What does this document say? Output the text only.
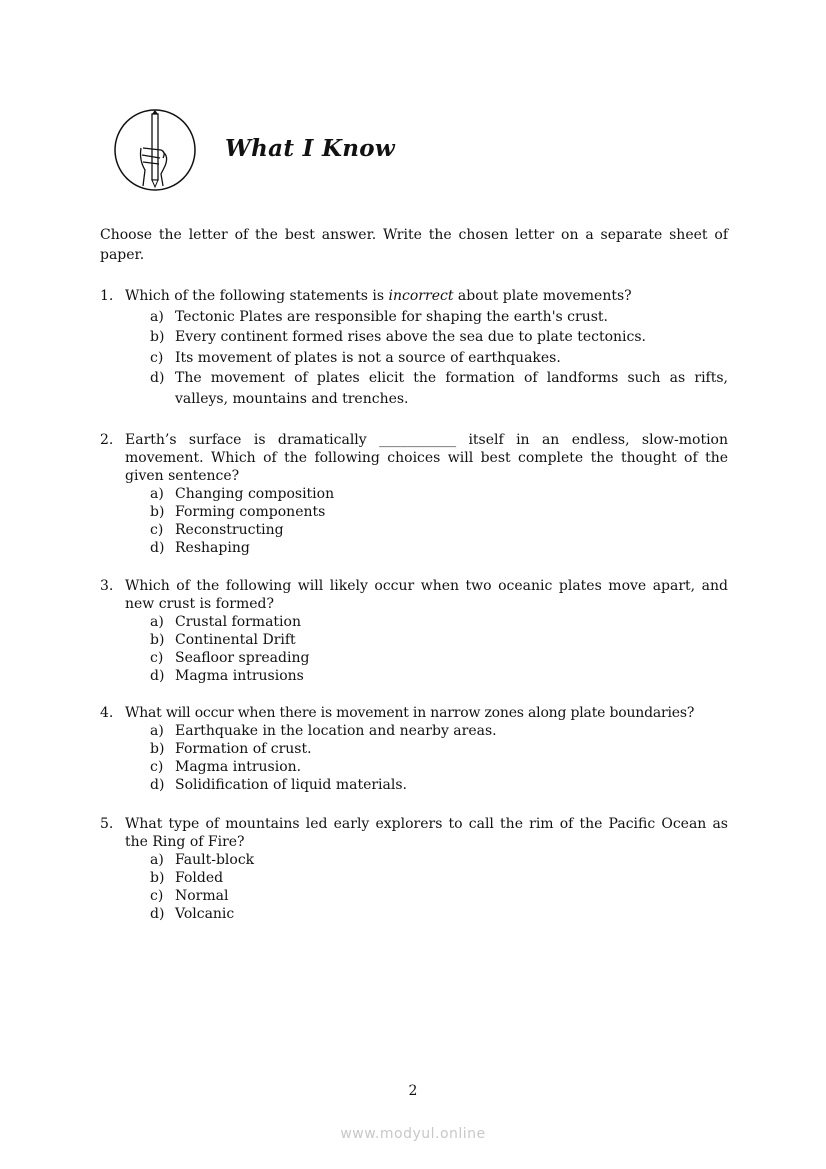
What I Know
Choose the letter of the best answer. Write the chosen letter on a separate sheet of paper.
1. Which of the following statements is incorrect about plate movements?
a) Tectonic Plates are responsible for shaping the earth's crust.
b) Every continent formed rises above the sea due to plate tectonics.
c) Its movement of plates is not a source of earthquakes.
d) The movement of plates elicit the formation of landforms such as rifts, valleys, mountains and trenches.
2. Earth’s surface is dramatically ___________ itself in an endless, slow-motion movement. Which of the following choices will best complete the thought of the given sentence?
a) Changing composition
b) Forming components
c) Reconstructing
d) Reshaping
3. Which of the following will likely occur when two oceanic plates move apart, and new crust is formed?
a) Crustal formation
b) Continental Drift
c) Seafloor spreading
d) Magma intrusions
4. What will occur when there is movement in narrow zones along plate boundaries?
a) Earthquake in the location and nearby areas.
b) Formation of crust.
c) Magma intrusion.
d) Solidification of liquid materials.
5. What type of mountains led early explorers to call the rim of the Pacific Ocean as the Ring of Fire?
a) Fault-block
b) Folded
c) Normal
d) Volcanic
2
www.modyul.online
